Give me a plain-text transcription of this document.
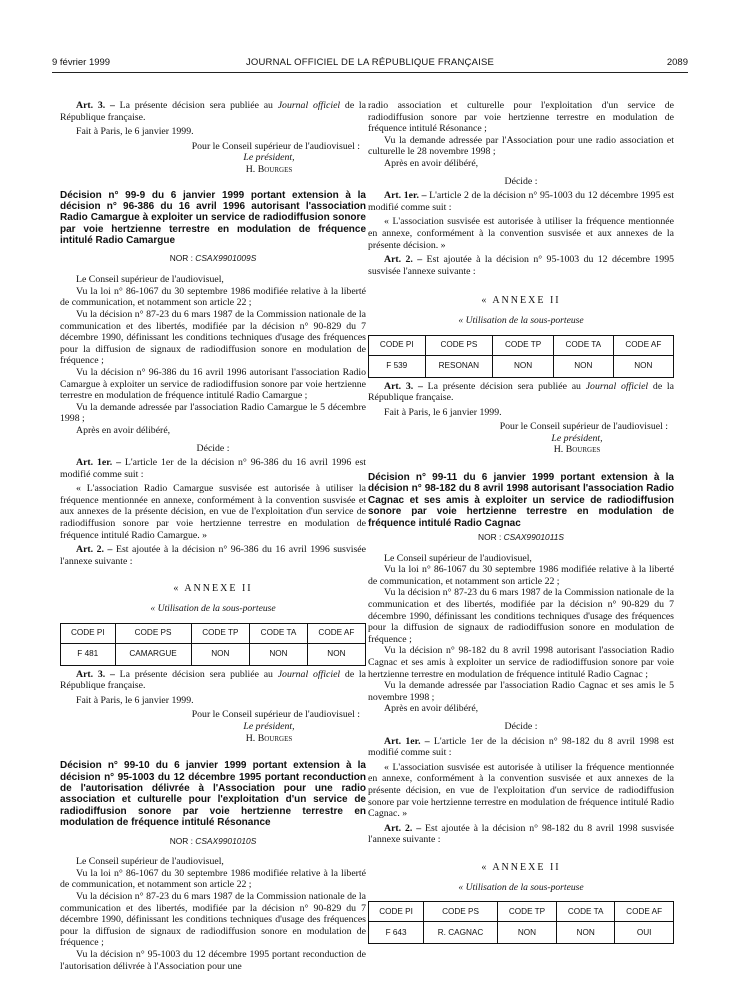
9 février 1999	JOURNAL OFFICIEL DE LA RÉPUBLIQUE FRANÇAISE	2089

Art. 3. – La présente décision sera publiée au Journal officiel de la République française.

Fait à Paris, le 6 janvier 1999.

Pour le Conseil supérieur de l'audiovisuel :
Le président,
H. Bourges
Décision n° 99-9 du 6 janvier 1999 portant extension à la décision n° 96-386 du 16 avril 1996 autorisant l'association Radio Camargue à exploiter un service de radiodiffusion sonore par voie hertzienne terrestre en modulation de fréquence intitulé Radio Camargue
NOR : CSAX9901009S

Le Conseil supérieur de l'audiovisuel,

Vu la loi n° 86-1067 du 30 septembre 1986 modifiée relative à la liberté de communication, et notamment son article 22 ;

Vu la décision n° 87-23 du 6 mars 1987 de la Commission nationale de la communication et des libertés, modifiée par la décision n° 90-829 du 7 décembre 1990, définissant les conditions techniques d'usage des fréquences pour la diffusion de signaux de radiodiffusion sonore en modulation de fréquence ;

Vu la décision n° 96-386 du 16 avril 1996 autorisant l'association Radio Camargue à exploiter un service de radiodiffusion sonore par voie hertzienne terrestre en modulation de fréquence intitulé Radio Camargue ;

Vu la demande adressée par l'association Radio Camargue le 5 décembre 1998 ;

Après en avoir délibéré,

Décide :

Art. 1er. – L'article 1er de la décision n° 96-386 du 16 avril 1996 est modifié comme suit :

« L'association Radio Camargue susvisée est autorisée à utiliser la fréquence mentionnée en annexe, conformément à la convention susvisée et aux annexes de la présente décision, en vue de l'exploitation d'un service de radiodiffusion sonore par voie hertzienne terrestre en modulation de fréquence intitulé Radio Camargue. »

Art. 2. – Est ajoutée à la décision n° 96-386 du 16 avril 1996 susvisée l'annexe suivante :

« ANNEXE II
« Utilisation de la sous-porteuse
CODE PI	CODE PS	CODE TP	CODE TA	CODE AF
F 481	CAMARGUE	NON	NON	NON

Art. 3. – La présente décision sera publiée au Journal officiel de la République française.

Fait à Paris, le 6 janvier 1999.

Pour le Conseil supérieur de l'audiovisuel :
Le président,
H. Bourges
Décision n° 99-10 du 6 janvier 1999 portant extension à la décision n° 95-1003 du 12 décembre 1995 portant reconduction de l'autorisation délivrée à l'Association pour une radio association et culturelle pour l'exploitation d'un service de radiodiffusion sonore par voie hertzienne terrestre en modulation de fréquence intitulé Résonance
NOR : CSAX9901010S

Le Conseil supérieur de l'audiovisuel,

Vu la loi n° 86-1067 du 30 septembre 1986 modifiée relative à la liberté de communication, et notamment son article 22 ;

Vu la décision n° 87-23 du 6 mars 1987 de la Commission nationale de la communication et des libertés, modifiée par la décision n° 90-829 du 7 décembre 1990, définissant les conditions techniques d'usage des fréquences pour la diffusion de signaux de radiodiffusion sonore en modulation de fréquence ;

Vu la décision n° 95-1003 du 12 décembre 1995 portant reconduction de l'autorisation délivrée à l'Association pour une

radio association et culturelle pour l'exploitation d'un service de radiodiffusion sonore par voie hertzienne terrestre en modulation de fréquence intitulé Résonance ;

Vu la demande adressée par l'Association pour une radio association et culturelle le 28 novembre 1998 ;

Après en avoir délibéré,

Décide :

Art. 1er. – L'article 2 de la décision n° 95-1003 du 12 décembre 1995 est modifié comme suit :

« L'association susvisée est autorisée à utiliser la fréquence mentionnée en annexe, conformément à la convention susvisée et aux annexes de la présente décision. »

Art. 2. – Est ajoutée à la décision n° 95-1003 du 12 décembre 1995 susvisée l'annexe suivante :

« ANNEXE II
« Utilisation de la sous-porteuse
CODE PI	CODE PS	CODE TP	CODE TA	CODE AF
F 539	RESONAN	NON	NON	NON

Art. 3. – La présente décision sera publiée au Journal officiel de la République française.

Fait à Paris, le 6 janvier 1999.

Pour le Conseil supérieur de l'audiovisuel :
Le président,
H. Bourges
Décision n° 99-11 du 6 janvier 1999 portant extension à la décision n° 98-182 du 8 avril 1998 autorisant l'association Radio Cagnac et ses amis à exploiter un service de radiodiffusion sonore par voie hertzienne terrestre en modulation de fréquence intitulé Radio Cagnac
NOR : CSAX9901011S

Le Conseil supérieur de l'audiovisuel,

Vu la loi n° 86-1067 du 30 septembre 1986 modifiée relative à la liberté de communication, et notamment son article 22 ;

Vu la décision n° 87-23 du 6 mars 1987 de la Commission nationale de la communication et des libertés, modifiée par la décision n° 90-829 du 7 décembre 1990, définissant les conditions techniques d'usage des fréquences pour la diffusion de signaux de radiodiffusion sonore en modulation de fréquence ;

Vu la décision n° 98-182 du 8 avril 1998 autorisant l'association Radio Cagnac et ses amis à exploiter un service de radiodiffusion sonore par voie hertzienne terrestre en modulation de fréquence intitulé Radio Cagnac ;

Vu la demande adressée par l'association Radio Cagnac et ses amis le 5 novembre 1998 ;

Après en avoir délibéré,

Décide :

Art. 1er. – L'article 1er de la décision n° 98-182 du 8 avril 1998 est modifié comme suit :

« L'association susvisée est autorisée à utiliser la fréquence mentionnée en annexe, conformément à la convention susvisée et aux annexes de la présente décision, en vue de l'exploitation d'un service de radiodiffusion sonore par voie hertzienne terrestre en modulation de fréquence intitulé Radio Cagnac. »

Art. 2. – Est ajoutée à la décision n° 98-182 du 8 avril 1998 susvisée l'annexe suivante :

« ANNEXE II
« Utilisation de la sous-porteuse
CODE PI	CODE PS	CODE TP	CODE TA	CODE AF
F 643	R. CAGNAC	NON	NON	OUI
